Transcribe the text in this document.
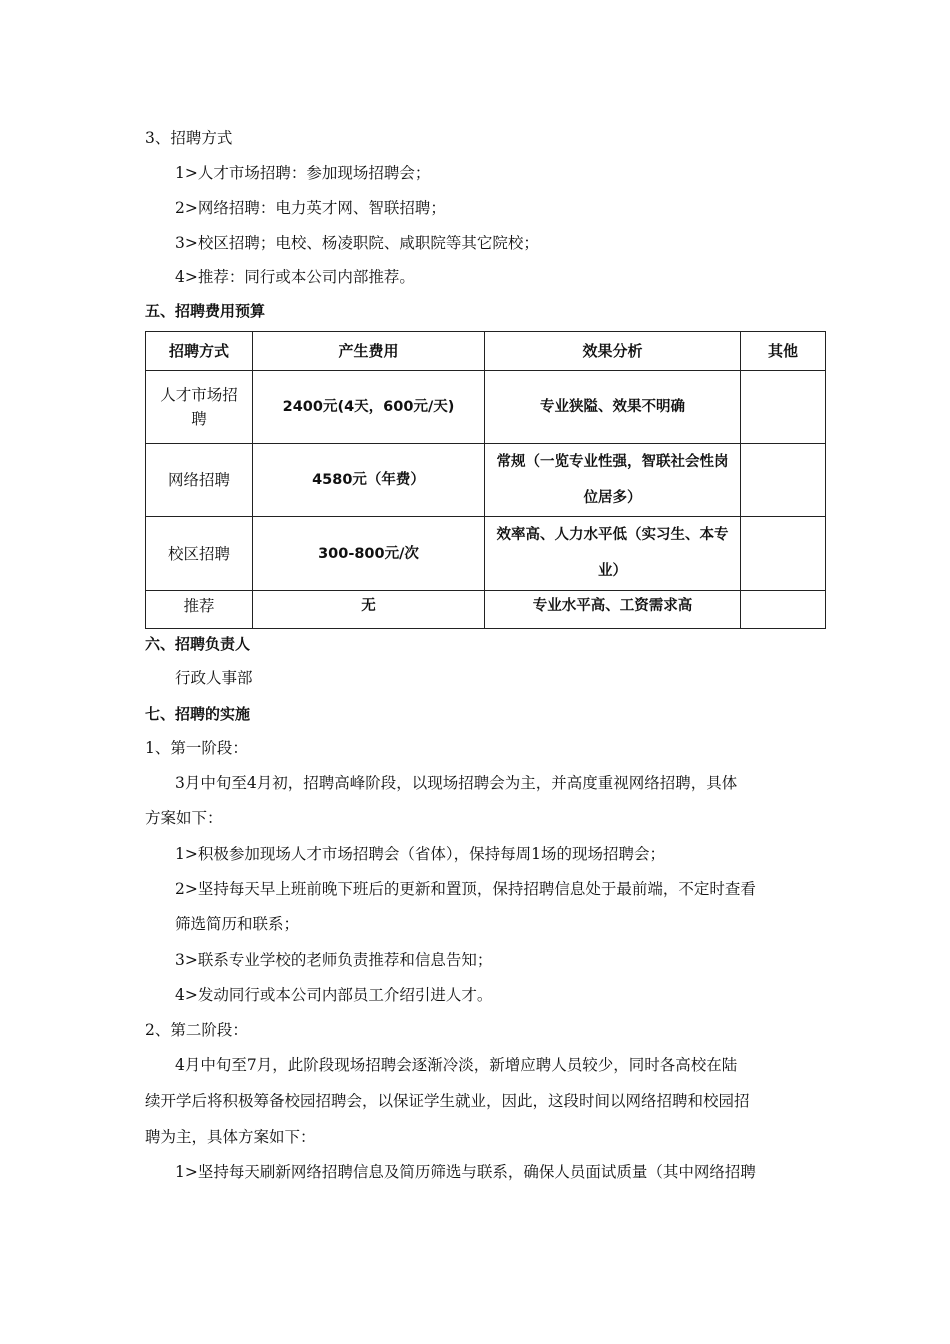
3、招聘方式
1>人才市场招聘：参加现场招聘会；
2>网络招聘：电力英才网、智联招聘；
3>校区招聘；电校、杨凌职院、咸职院等其它院校；
4>推荐：同行或本公司内部推荐。
五、招聘费用预算
招聘方式	产生费用	效果分析	其他
人才市场招聘	2400元(4天，600元/天)	专业狭隘、效果不明确	
网络招聘	4580元（年费）	常规（一览专业性强，智联社会性岗位居多）	
校区招聘	300-800元/次	效率高、人力水平低（实习生、本专业）	
推荐	无	专业水平高、工资需求高	
六、招聘负责人
行政人事部
七、招聘的实施
1、第一阶段：
3月中旬至4月初，招聘高峰阶段，以现场招聘会为主，并高度重视网络招聘，具体
方案如下：
1>积极参加现场人才市场招聘会（省体），保持每周1场的现场招聘会；
2>坚持每天早上班前晚下班后的更新和置顶，保持招聘信息处于最前端，不定时查看
筛选简历和联系；
3>联系专业学校的老师负责推荐和信息告知；
4>发动同行或本公司内部员工介绍引进人才。
2、第二阶段：
4月中旬至7月，此阶段现场招聘会逐渐冷淡，新增应聘人员较少，同时各高校在陆
续开学后将积极筹备校园招聘会，以保证学生就业，因此，这段时间以网络招聘和校园招
聘为主，具体方案如下：
1>坚持每天刷新网络招聘信息及简历筛选与联系，确保人员面试质量（其中网络招聘
